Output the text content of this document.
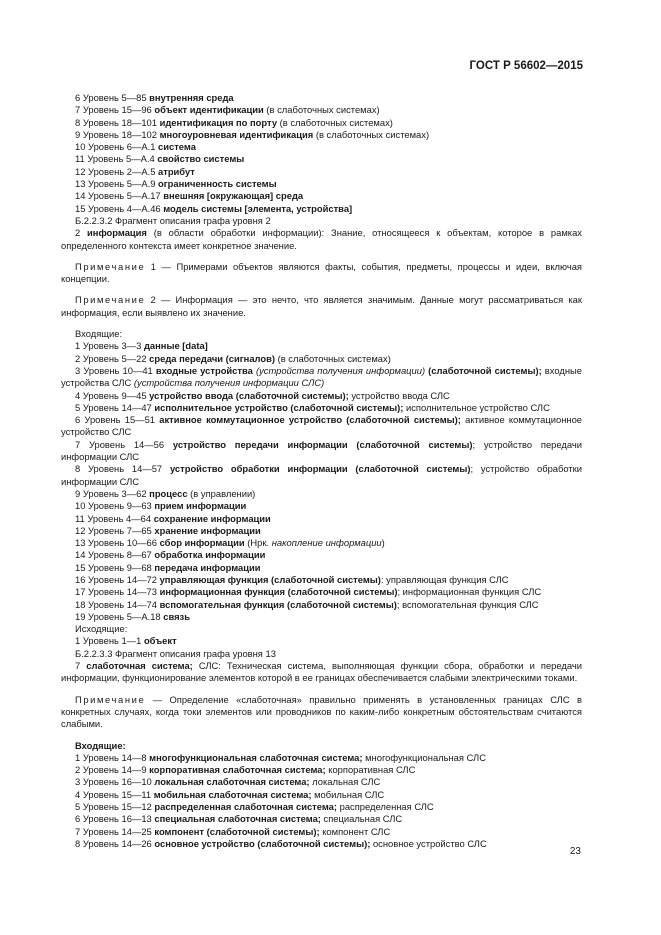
ГОСТ Р 56602—2015
6 Уровень 5—85 внутренняя среда
7 Уровень 15—96 объект идентификации (в слаботочных системах)
8 Уровень 18—101 идентификация по порту (в слаботочных системах)
9 Уровень 18—102 многоуровневая идентификация (в слаботочных системах)
10 Уровень 6—A.1 система
11 Уровень 5—A.4 свойство системы
12 Уровень 2—A.5 атрибут
13 Уровень 5—A.9 ограниченность системы
14 Уровень 5—A.17 внешняя [окружающая] среда
15 Уровень 4—A.46 модель системы [элемента, устройства]
Б.2.2.3.2 Фрагмент описания графа уровня 2
2 информация (в области обработки информации): Знание, относящееся к объектам, которое в рамках определенного контекста имеет конкретное значение.
Примечание 1 — Примерами объектов являются факты, события, предметы, процессы и идеи, включая концепции.
Примечание 2 — Информация — это нечто, что является значимым. Данные могут рассматриваться как информация, если выявлено их значение.
Входящие:
1 Уровень 3—3 данные [data]
2 Уровень 5—22 среда передачи (сигналов) (в слаботочных системах)
3 Уровень 10—41 входные устройства (устройства получения информации) (слаботочной системы); входные устройства СЛС (устройства получения информации СЛС)
4 Уровень 9—45 устройство ввода (слаботочной системы); устройство ввода СЛС
5 Уровень 14—47 исполнительное устройство (слаботочной системы); исполнительное устройство СЛС
6 Уровень 15—51 активное коммутационное устройство (слаботочной системы); активное коммутационное устройство СЛС
7 Уровень 14—56 устройство передачи информации (слаботочной системы); устройство передачи информации СЛС
8 Уровень 14—57 устройство обработки информации (слаботочной системы); устройство обработки информации СЛС
9 Уровень 3—62 процесс (в управлении)
10 Уровень 9—63 прием информации
11 Уровень 4—64 сохранение информации
12 Уровень 7—65 хранение информации
13 Уровень 10—66 сбор информации (Нрк. накопление информации)
14 Уровень 8—67 обработка информации
15 Уровень 9—68 передача информации
16 Уровень 14—72 управляющая функция (слаботочной системы): управляющая функция СЛС
17 Уровень 14—73 информационная функция (слаботочной системы); информационная функция СЛС
18 Уровень 14—74 вспомогательная функция (слаботочной системы); вспомогательная функция СЛС
19 Уровень 5—A.18 связь
Исходящие:
1 Уровень 1—1 объект
Б.2.2.3.3 Фрагмент описания графа уровня 13
7 слаботочная система; СЛС: Техническая система, выполняющая функции сбора, обработки и передачи информации, функционирование элементов которой в ее границах обеспечивается слабыми электрическими токами.
Примечание — Определение «слаботочная» правильно применять в установленных границах СЛС в конкретных случаях, когда токи элементов или проводников по каким-либо конкретным обстоятельствам считаются слабыми.
Входящие:
1 Уровень 14—8 многофункциональная слаботочная система; многофункциональная СЛС
2 Уровень 14—9 корпоративная слаботочная система; корпоративная СЛС
3 Уровень 16—10 локальная слаботочная система; локальная СЛС
4 Уровень 15—11 мобильная слаботочная система; мобильная СЛС
5 Уровень 15—12 распределенная слаботочная система; распределенная СЛС
6 Уровень 16—13 специальная слаботочная система; специальная СЛС
7 Уровень 14—25 компонент (слаботочной системы); компонент СЛС
8 Уровень 14—26 основное устройство (слаботочной системы); основное устройство СЛС
23
